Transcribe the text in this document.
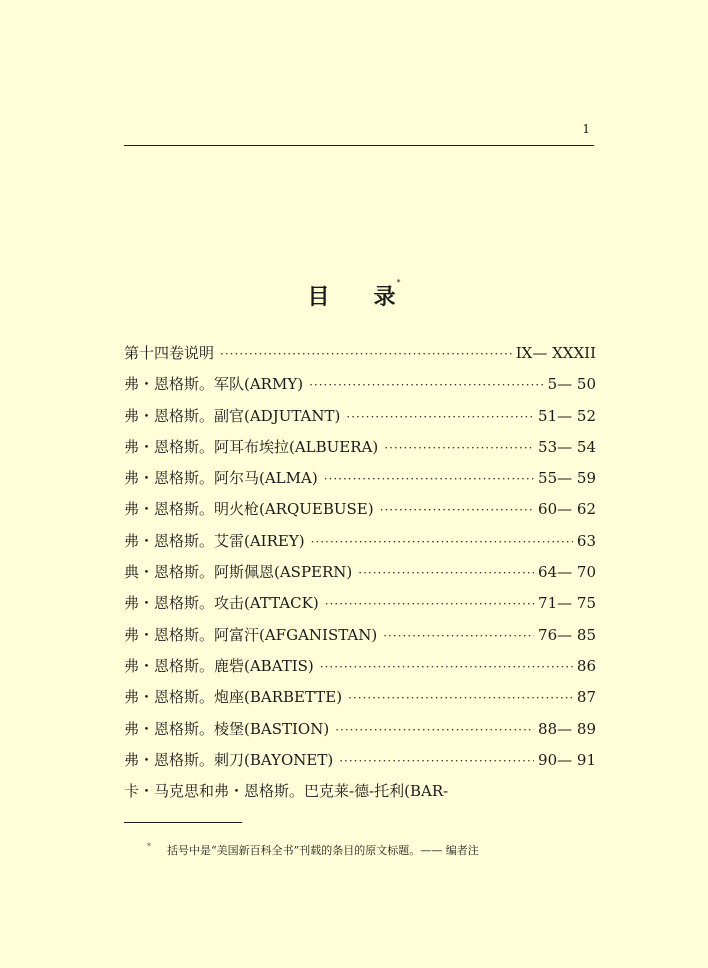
1
目 录*
第十四卷说明 ·····	IX— XXXII
弗・恩格斯。军队(ARMY) ·····	5— 50
弗・恩格斯。副官(ADJUTANT) ·····	51— 52
弗・恩格斯。阿耳布埃拉(ALBUERA) ·····	53— 54
弗・恩格斯。阿尔马(ALMA) ·····	55— 59
弗・恩格斯。明火枪(ARQUEBUSE) ·····	60— 62
弗・恩格斯。艾雷(AIREY) ·····	63
典・恩格斯。阿斯佩恩(ASPERN) ·····	64— 70
弗・恩格斯。攻击(ATTACK) ·····	71— 75
弗・恩格斯。阿富汗(AFGANISTAN) ·····	76— 85
弗・恩格斯。鹿砦(ABATIS) ·····	86
弗・恩格斯。炮座(BARBETTE) ·····	87
弗・恩格斯。棱堡(BASTION) ·····	88— 89
弗・恩格斯。刺刀(BAYONET) ·····	90— 91
卡・马克思和弗・恩格斯。巴克莱-德-托利(BAR-
* 括号中是“美国新百科全书”刊载的条目的原文标题。—— 编者注
